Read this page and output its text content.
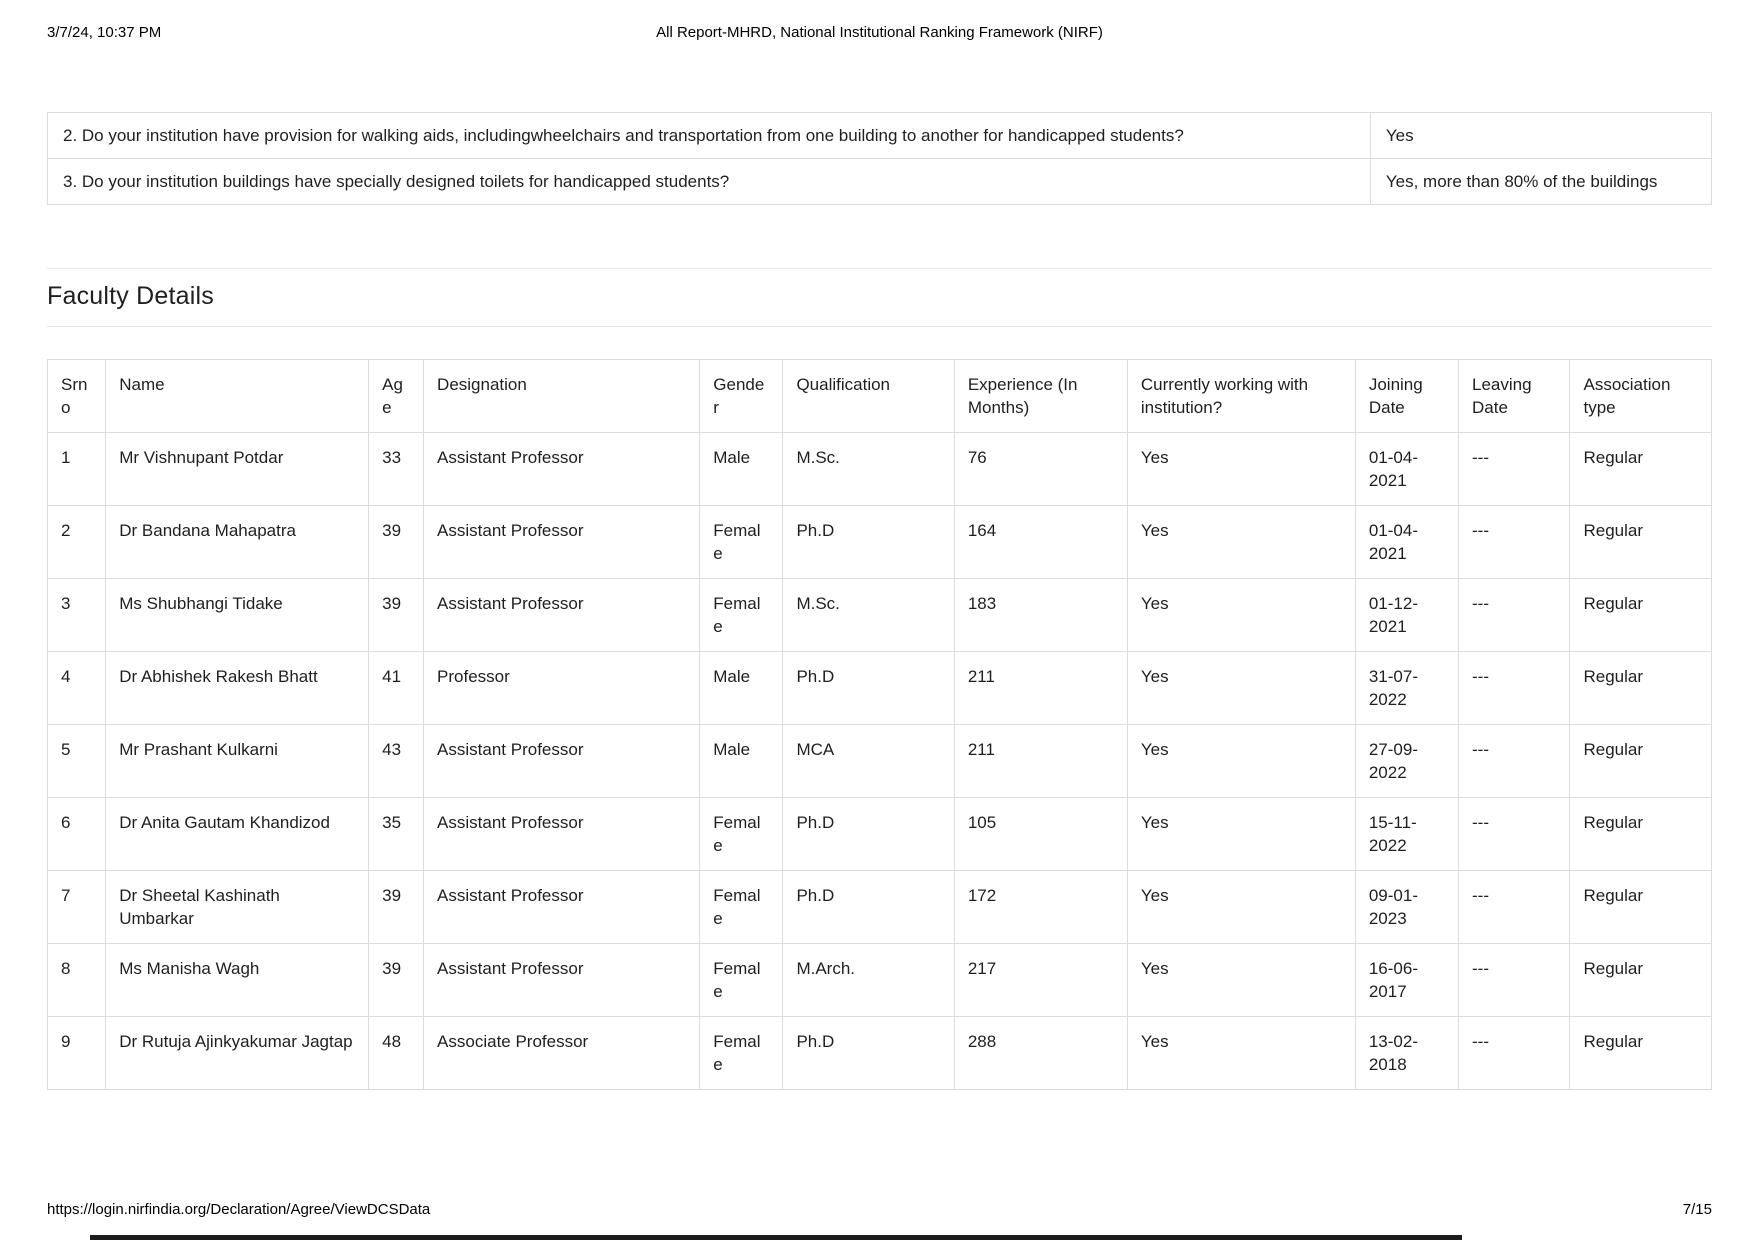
3/7/24, 10:37 PM	All Report-MHRD, National Institutional Ranking Framework (NIRF)
2. Do your institution have provision for walking aids, includingwheelchairs and transportation from one building to another for handicapped students?	Yes
3. Do your institution buildings have specially designed toilets for handicapped students?	Yes, more than 80% of the buildings
Faculty Details
Srno	Name	Age	Designation	Gender	Qualification	Experience (In Months)	Currently working with institution?	Joining Date	Leaving Date	Association type
1	Mr Vishnupant Potdar	33	Assistant Professor	Male	M.Sc.	76	Yes	01-04-2021	---	Regular
2	Dr Bandana Mahapatra	39	Assistant Professor	Female	Ph.D	164	Yes	01-04-2021	---	Regular
3	Ms Shubhangi Tidake	39	Assistant Professor	Female	M.Sc.	183	Yes	01-12-2021	---	Regular
4	Dr Abhishek Rakesh Bhatt	41	Professor	Male	Ph.D	211	Yes	31-07-2022	---	Regular
5	Mr Prashant Kulkarni	43	Assistant Professor	Male	MCA	211	Yes	27-09-2022	---	Regular
6	Dr Anita Gautam Khandizod	35	Assistant Professor	Female	Ph.D	105	Yes	15-11-2022	---	Regular
7	Dr Sheetal Kashinath Umbarkar	39	Assistant Professor	Female	Ph.D	172	Yes	09-01-2023	---	Regular
8	Ms Manisha Wagh	39	Assistant Professor	Female	M.Arch.	217	Yes	16-06-2017	---	Regular
9	Dr Rutuja Ajinkyakumar Jagtap	48	Associate Professor	Female	Ph.D	288	Yes	13-02-2018	---	Regular
https://login.nirfindia.org/Declaration/Agree/ViewDCSData	7/15
